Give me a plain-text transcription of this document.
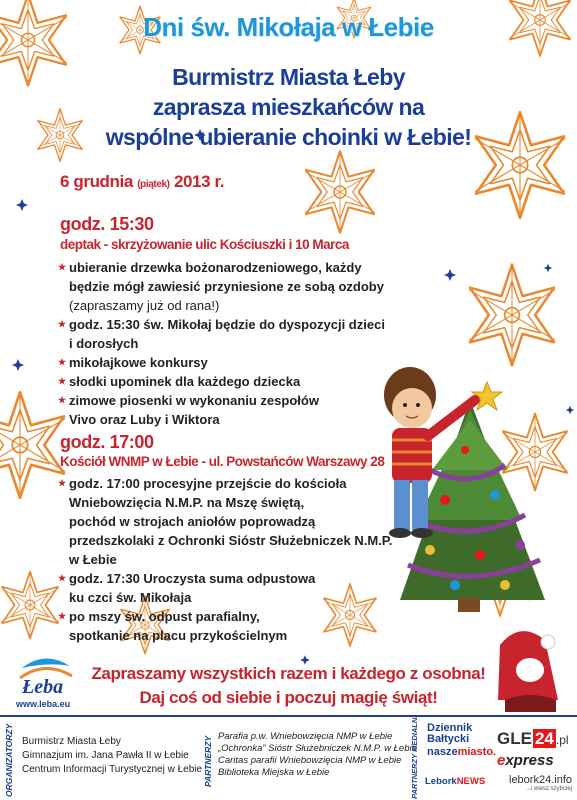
Dni św. Mikołaja w Łebie
Burmistrz Miasta Łeby
zaprasza mieszkańców na
wspólne ubieranie choinki w Łebie!
6 grudnia (piątek) 2013 r.
godz. 15:30
deptak - skrzyżowanie ulic Kościuszki i 10 Marca
★ ubieranie drzewka bożonarodzeniowego, każdy
będzie mógł zawiesić przyniesione ze sobą ozdoby
(zapraszamy już od rana!)
★ godz. 15:30 św. Mikołaj będzie do dyspozycji dzieci
i dorosłych
★ mikołajkowe konkursy
★ słodki upominek dla każdego dziecka
★ zimowe piosenki w wykonaniu zespołów
Vivo oraz Luby i Wiktora
godz. 17:00
Kościół WNMP w Łebie - ul. Powstańców Warszawy 28
★ godz. 17:00 procesyjne przejście do kościoła
Wniebowzięcia N.M.P. na Mszę świętą,
pochód w strojach aniołów poprowadzą
przedszkolaki z Ochronki Sióstr Służebniczek N.M.P.
w Łebie
★ godz. 17:30 Uroczysta suma odpustowa
ku czci św. Mikołaja
★ po mszy św. odpust parafialny,
spotkanie na placu przykościelnym
Zapraszamy wszystkich razem i każdego z osobna!
Daj coś od siebie i poczuj magię świąt!
Łeba
www.leba.eu
ORGANIZATORZY Burmistrz Miasta Łeby
Gimnazjum im. Jana Pawła II w Łebie
Centrum Informacji Turystycznej w Łebie PARTNERZY Parafia p.w. Wniebowzięcia NMP w Łebie
„Ochronka” Sióstr Służebniczek N.M.P. w Łebie
Caritas parafii Wniebowzięcia NMP w Łebie
Biblioteka Miejska w Łebie	PARTNERZY MEDIALNI Dziennik
Bałtycki
naszemiasto.
GLE 24 .pl
express
LeborkNEWS lebork24.info
...i wiesz szybciej
